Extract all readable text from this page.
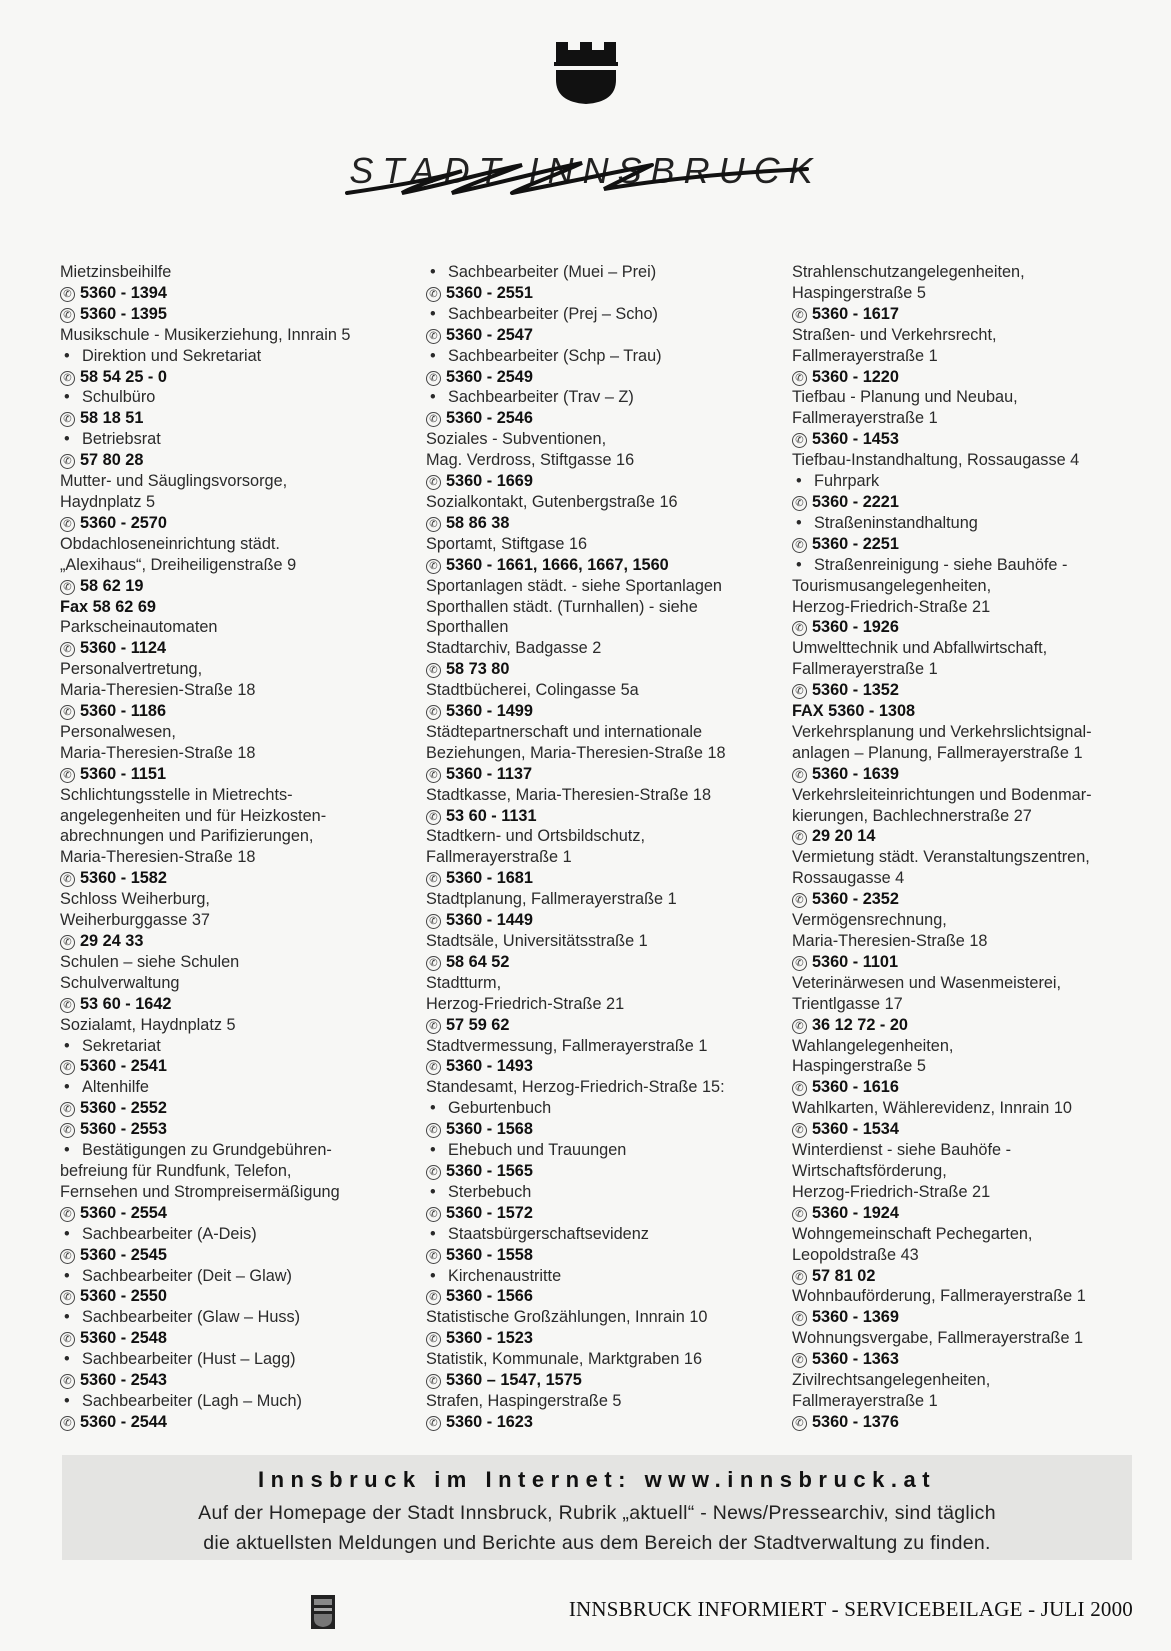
STADT INNSBRUCK
Mietzinsbeihilfe
✆ 5360 - 1394
✆ 5360 - 1395
Musikschule - Musikerziehung, Innrain 5
• Direktion und Sekretariat
✆ 58 54 25 - 0
• Schulbüro
✆ 58 18 51
• Betriebsrat
✆ 57 80 28
Mutter- und Säuglingsvorsorge,
Haydnplatz 5
✆ 5360 - 2570
Obdachloseneinrichtung städt.
„Alexihaus“, Dreiheiligenstraße 9
✆ 58 62 19
Fax 58 62 69
Parkscheinautomaten
✆ 5360 - 1124
Personalvertretung,
Maria-Theresien-Straße 18
✆ 5360 - 1186
Personalwesen,
Maria-Theresien-Straße 18
✆ 5360 - 1151
Schlichtungsstelle in Mietrechts-
angelegenheiten und für Heizkosten-
abrechnungen und Parifizierungen,
Maria-Theresien-Straße 18
✆ 5360 - 1582
Schloss Weiherburg,
Weiherburggasse 37
✆ 29 24 33
Schulen – siehe Schulen
Schulverwaltung
✆ 53 60 - 1642
Sozialamt, Haydnplatz 5
• Sekretariat
✆ 5360 - 2541
• Altenhilfe
✆ 5360 - 2552
✆ 5360 - 2553
• Bestätigungen zu Grundgebühren-
befreiung für Rundfunk, Telefon,
Fernsehen und Strompreisermäßigung
✆ 5360 - 2554
• Sachbearbeiter (A-Deis)
✆ 5360 - 2545
• Sachbearbeiter (Deit – Glaw)
✆ 5360 - 2550
• Sachbearbeiter (Glaw – Huss)
✆ 5360 - 2548
• Sachbearbeiter (Hust – Lagg)
✆ 5360 - 2543
• Sachbearbeiter (Lagh – Much)
✆ 5360 - 2544
• Sachbearbeiter (Muei – Prei)
✆ 5360 - 2551
• Sachbearbeiter (Prej – Scho)
✆ 5360 - 2547
• Sachbearbeiter (Schp – Trau)
✆ 5360 - 2549
• Sachbearbeiter (Trav – Z)
✆ 5360 - 2546
Soziales - Subventionen,
Mag. Verdross, Stiftgasse 16
✆ 5360 - 1669
Sozialkontakt, Gutenbergstraße 16
✆ 58 86 38
Sportamt, Stiftgase 16
✆ 5360 - 1661, 1666, 1667, 1560
Sportanlagen städt. - siehe Sportanlagen
Sporthallen städt. (Turnhallen) - siehe
Sporthallen
Stadtarchiv, Badgasse 2
✆ 58 73 80
Stadtbücherei, Colingasse 5a
✆ 5360 - 1499
Städtepartnerschaft und internationale
Beziehungen, Maria-Theresien-Straße 18
✆ 5360 - 1137
Stadtkasse, Maria-Theresien-Straße 18
✆ 53 60 - 1131
Stadtkern- und Ortsbildschutz,
Fallmerayerstraße 1
✆ 5360 - 1681
Stadtplanung, Fallmerayerstraße 1
✆ 5360 - 1449
Stadtsäle, Universitätsstraße 1
✆ 58 64 52
Stadtturm,
Herzog-Friedrich-Straße 21
✆ 57 59 62
Stadtvermessung, Fallmerayerstraße 1
✆ 5360 - 1493
Standesamt, Herzog-Friedrich-Straße 15:
• Geburtenbuch
✆ 5360 - 1568
• Ehebuch und Trauungen
✆ 5360 - 1565
• Sterbebuch
✆ 5360 - 1572
• Staatsbürgerschaftsevidenz
✆ 5360 - 1558
• Kirchenaustritte
✆ 5360 - 1566
Statistische Großzählungen, Innrain 10
✆ 5360 - 1523
Statistik, Kommunale, Marktgraben 16
✆ 5360 – 1547, 1575
Strafen, Haspingerstraße 5
✆ 5360 - 1623
Strahlenschutzangelegenheiten,
Haspingerstraße 5
✆ 5360 - 1617
Straßen- und Verkehrsrecht,
Fallmerayerstraße 1
✆ 5360 - 1220
Tiefbau - Planung und Neubau,
Fallmerayerstraße 1
✆ 5360 - 1453
Tiefbau-Instandhaltung, Rossaugasse 4
• Fuhrpark
✆ 5360 - 2221
• Straßeninstandhaltung
✆ 5360 - 2251
• Straßenreinigung - siehe Bauhöfe -
Tourismusangelegenheiten,
Herzog-Friedrich-Straße 21
✆ 5360 - 1926
Umwelttechnik und Abfallwirtschaft,
Fallmerayerstraße 1
✆ 5360 - 1352
FAX 5360 - 1308
Verkehrsplanung und Verkehrslichtsignal-
anlagen – Planung, Fallmerayerstraße 1
✆ 5360 - 1639
Verkehrsleiteinrichtungen und Bodenmar-
kierungen, Bachlechnerstraße 27
✆ 29 20 14
Vermietung städt. Veranstaltungszentren,
Rossaugasse 4
✆ 5360 - 2352
Vermögensrechnung,
Maria-Theresien-Straße 18
✆ 5360 - 1101
Veterinärwesen und Wasenmeisterei,
Trientlgasse 17
✆ 36 12 72 - 20
Wahlangelegenheiten,
Haspingerstraße 5
✆ 5360 - 1616
Wahlkarten, Wählerevidenz, Innrain 10
✆ 5360 - 1534
Winterdienst - siehe Bauhöfe -
Wirtschaftsförderung,
Herzog-Friedrich-Straße 21
✆ 5360 - 1924
Wohngemeinschaft Pechegarten,
Leopoldstraße 43
✆ 57 81 02
Wohnbauförderung, Fallmerayerstraße 1
✆ 5360 - 1369
Wohnungsvergabe, Fallmerayerstraße 1
✆ 5360 - 1363
Zivilrechtsangelegenheiten,
Fallmerayerstraße 1
✆ 5360 - 1376
Innsbruck im Internet: www.innsbruck.at
Auf der Homepage der Stadt Innsbruck, Rubrik „aktuell“ - News/Pressearchiv, sind täglich
die aktuellsten Meldungen und Berichte aus dem Bereich der Stadtverwaltung zu finden.
INNSBRUCK INFORMIERT - SERVICEBEILAGE - JULI 2000
